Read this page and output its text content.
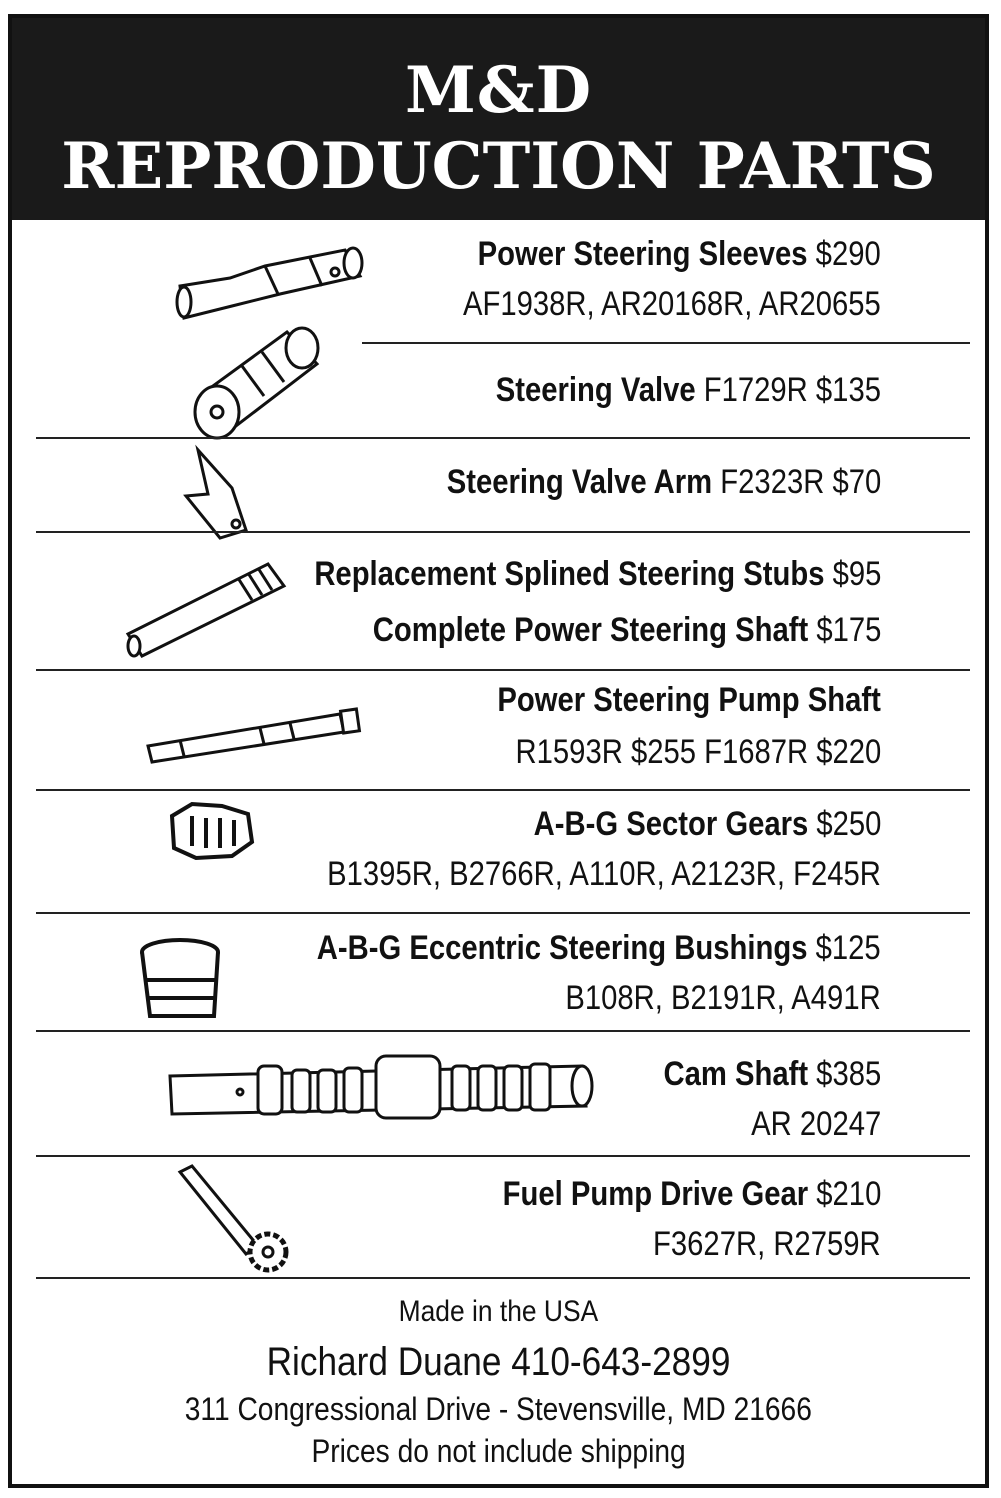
M&D
REPRODUCTION PARTS
Power Steering Sleeves $290
AF1938R, AR20168R, AR20655
Steering Valve F1729R $135
Steering Valve Arm F2323R $70
Replacement Splined Steering Stubs $95
Complete Power Steering Shaft $175
Power Steering Pump Shaft
R1593R $255 F1687R $220
A-B-G Sector Gears $250
B1395R, B2766R, A110R, A2123R, F245R
A-B-G Eccentric Steering Bushings $125
B108R, B2191R, A491R
Cam Shaft $385
AR 20247
Fuel Pump Drive Gear $210
F3627R, R2759R
Made in the USA
Richard Duane 410-643-2899
311 Congressional Drive - Stevensville, MD 21666
Prices do not include shipping
